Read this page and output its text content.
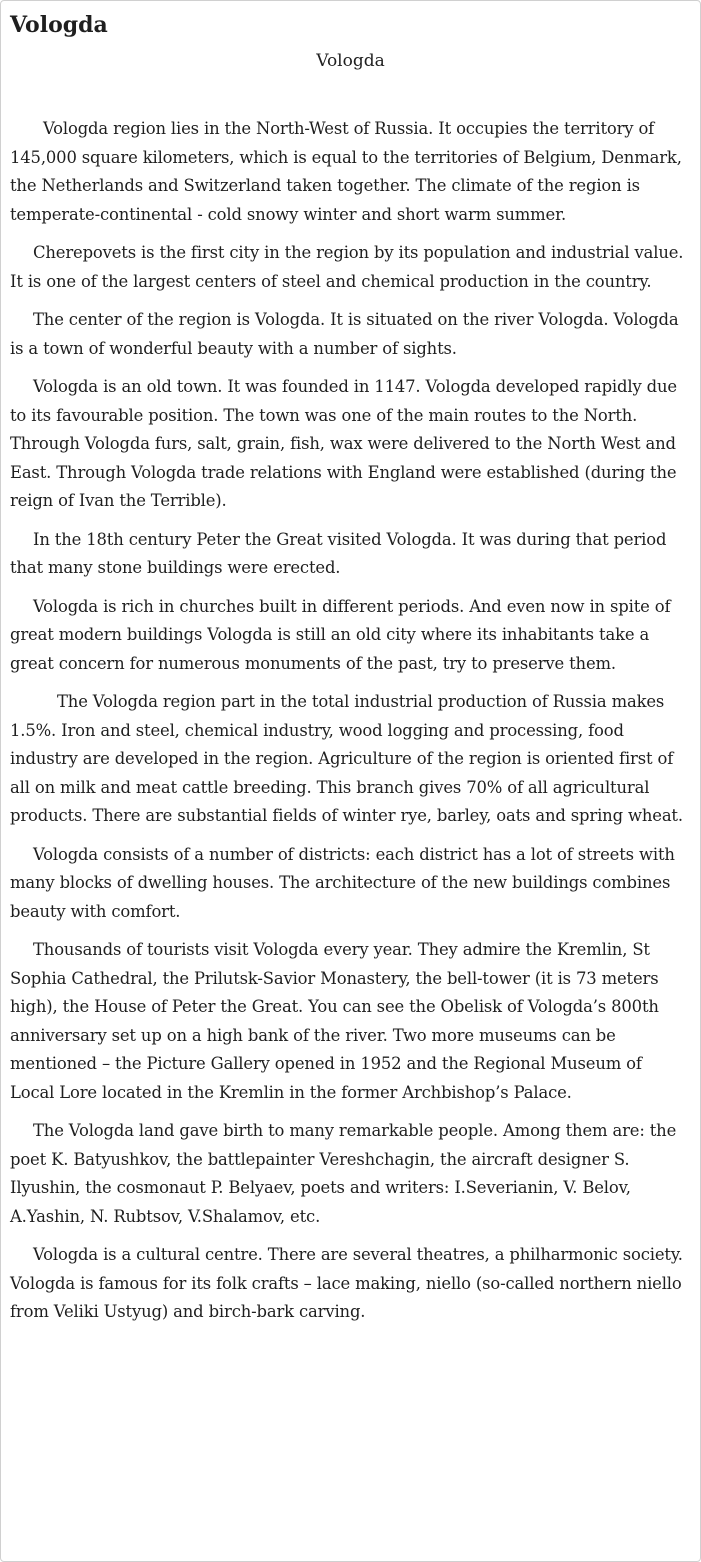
Vologda
Vologda

Vologda region lies in the North-West of Russia. It occupies the territory of 145,000 square kilometers, which is equal to the territories of Belgium, Denmark, the Netherlands and Switzerland taken together. The climate of the region is temperate-continental - cold snowy winter and short warm summer.

Cherepovets is the first city in the region by its population and industrial value. It is one of the largest centers of steel and chemical production in the country.

The center of the region is Vologda. It is situated on the river Vologda. Vologda is a town of wonderful beauty with a number of sights.

Vologda is an old town. It was founded in 1147. Vologda developed rapidly due to its favourable position. The town was one of the main routes to the North. Through Vologda furs, salt, grain, fish, wax were delivered to the North West and East. Through Vologda trade relations with England were established (during the reign of Ivan the Terrible).

In the 18th century Peter the Great visited Vologda. It was during that period that many stone buildings were erected.

Vologda is rich in churches built in different periods. And even now in spite of great modern buildings Vologda is still an old city where its inhabitants take a great concern for numerous monuments of the past, try to preserve them.

The Vologda region part in the total industrial production of Russia makes 1.5%. Iron and steel, chemical industry, wood logging and processing, food industry are developed in the region. Agriculture of the region is oriented first of all on milk and meat cattle breeding. This branch gives 70% of all agricultural products. There are substantial fields of winter rye, barley, oats and spring wheat.

Vologda consists of a number of districts: each district has a lot of streets with many blocks of dwelling houses. The architecture of the new buildings combines beauty with comfort.

Thousands of tourists visit Vologda every year. They admire the Kremlin, St Sophia Cathedral, the Prilutsk-Savior Monastery, the bell-tower (it is 73 meters high), the House of Peter the Great. You can see the Obelisk of Vologda’s 800th anniversary set up on a high bank of the river. Two more museums can be mentioned – the Picture Gallery opened in 1952 and the Regional Museum of Local Lore located in the Kremlin in the former Archbishop’s Palace.

The Vologda land gave birth to many remarkable people. Among them are: the poet K. Batyushkov, the battlepainter Vereshchagin, the aircraft designer S. Ilyushin, the cosmonaut P. Belyaev, poets and writers: I.Severianin, V. Belov, A.Yashin, N. Rubtsov, V.Shalamov, etc.

Vologda is a cultural centre. There are several theatres, a philharmonic society. Vologda is famous for its folk crafts – lace making, niello (so-called northern niello from Veliki Ustyug) and birch-bark carving.
